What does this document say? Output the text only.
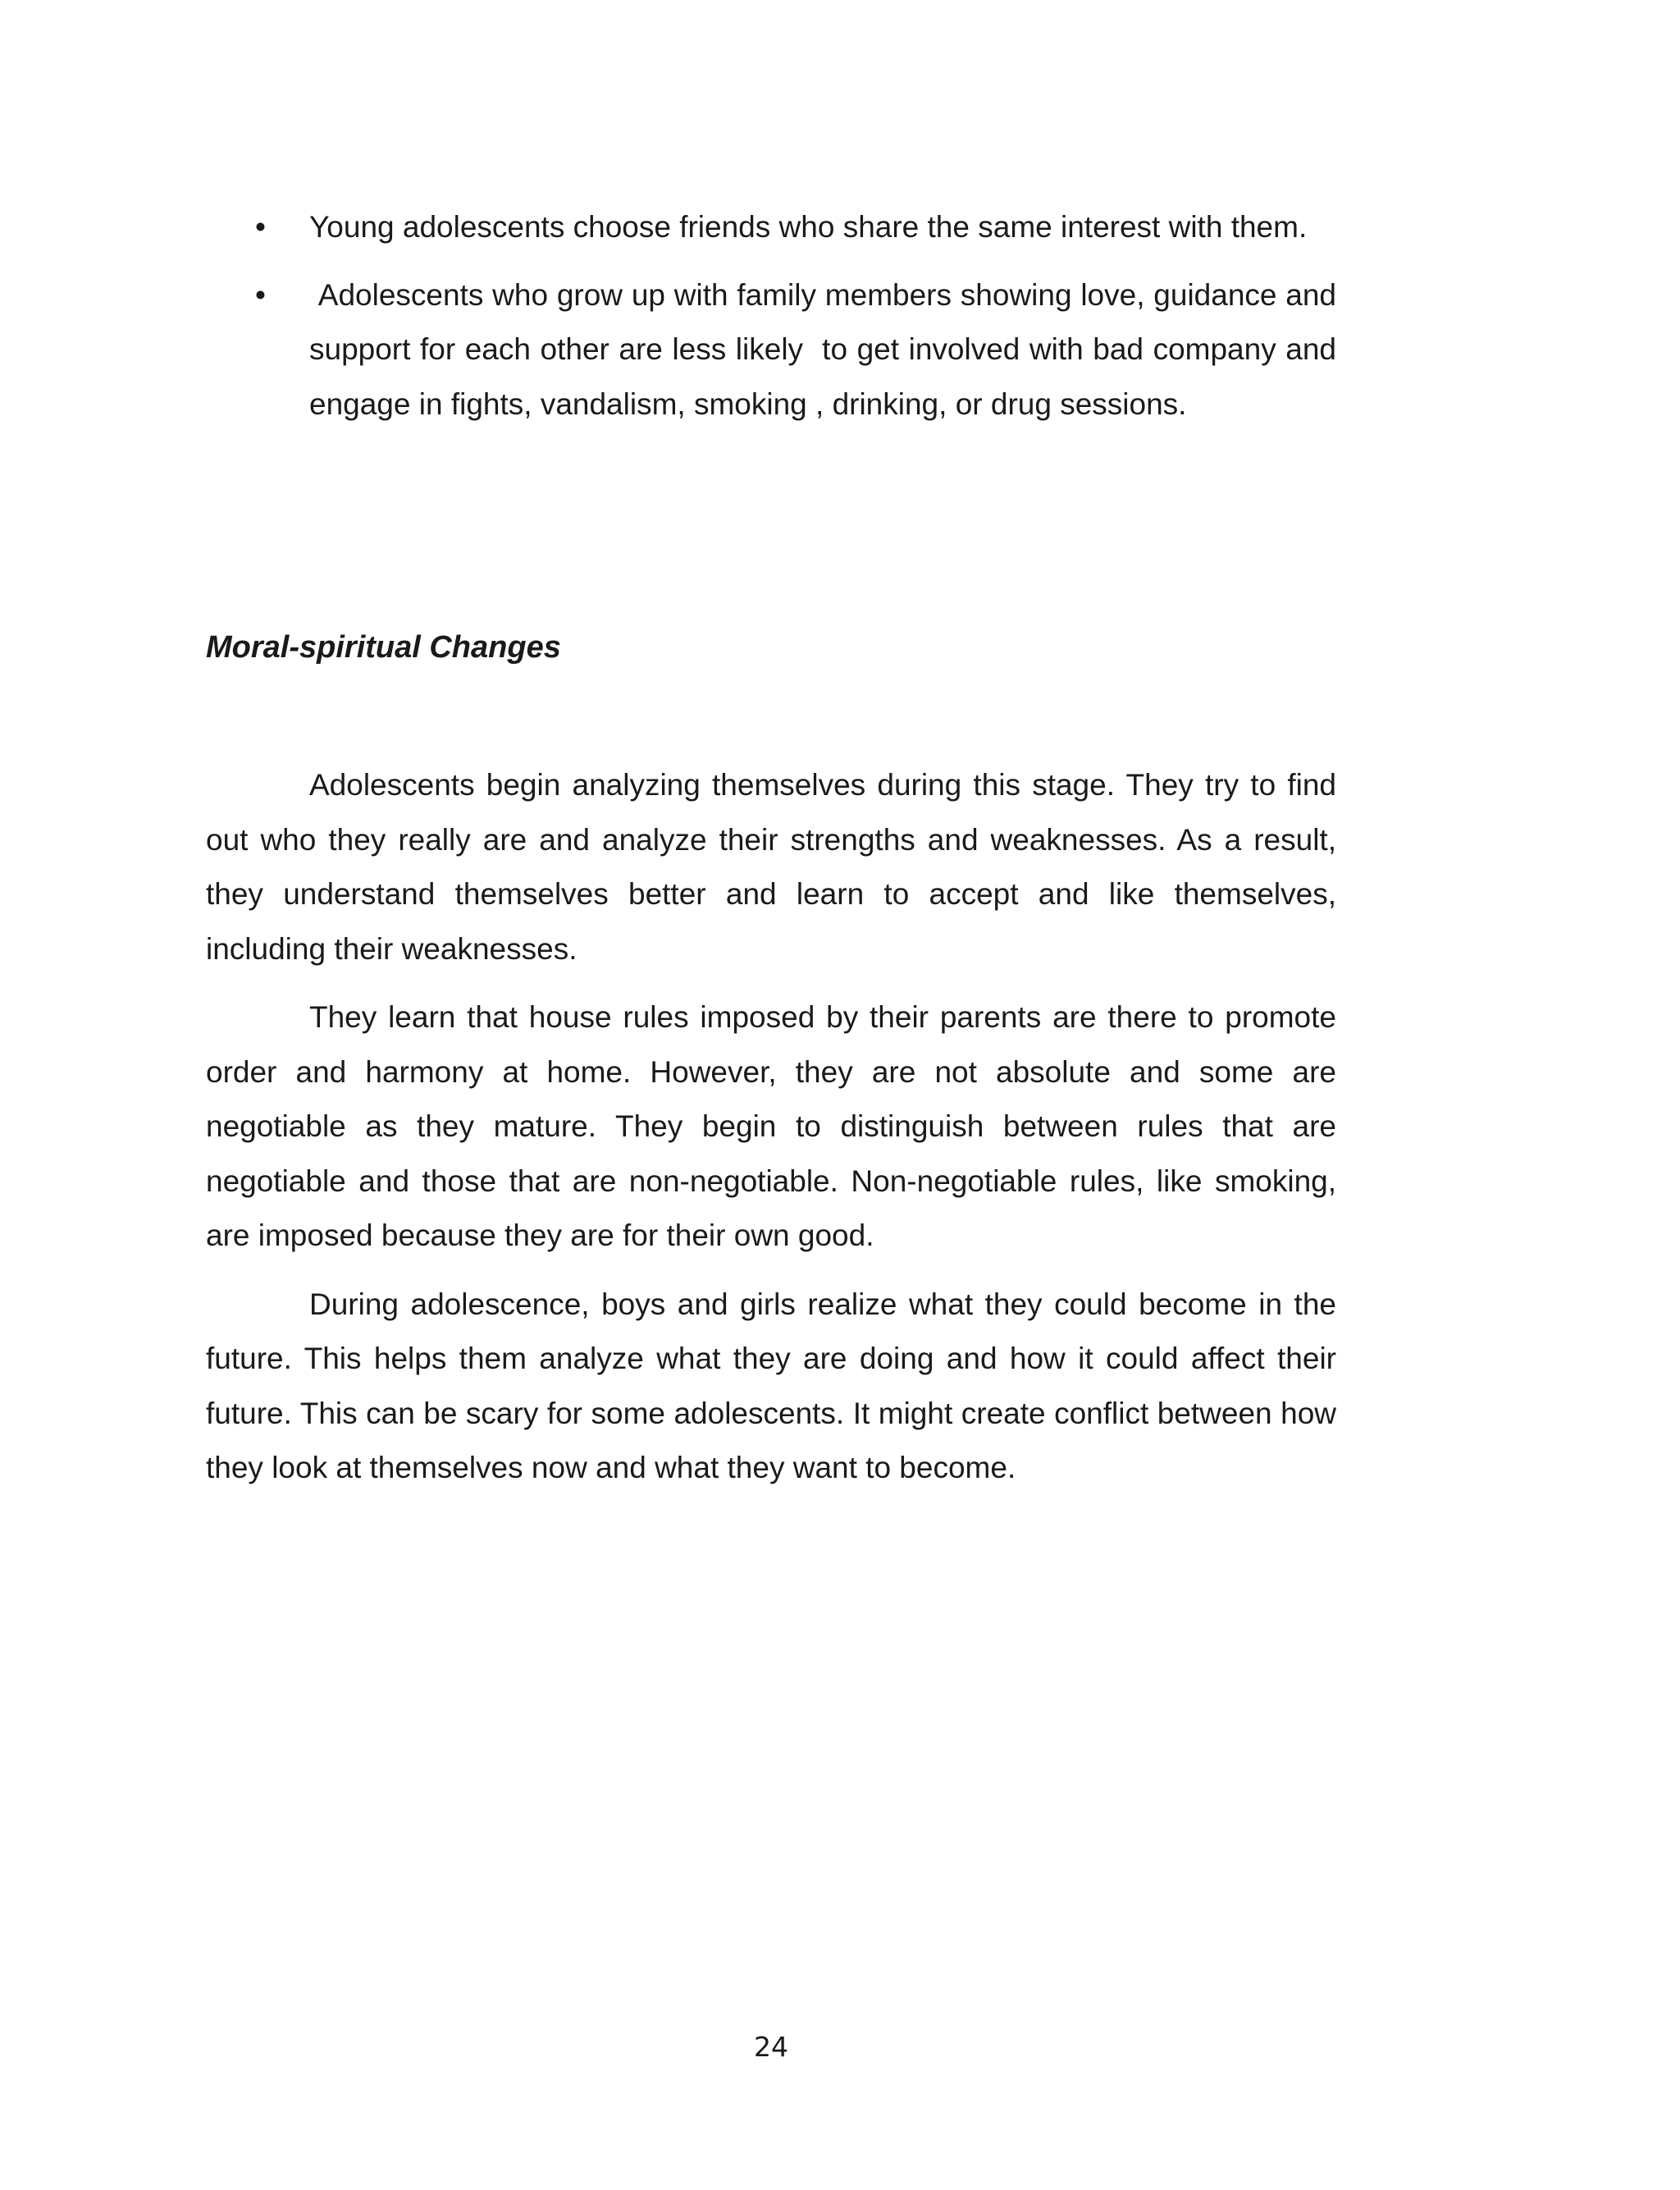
•	Young adolescents choose friends who share the same interest with them.
•	Adolescents who grow up with family members showing love, guidance and support for each other are less likely  to get involved with bad company and engage in fights, vandalism, smoking , drinking, or drug sessions.
Moral-spiritual Changes

Adolescents begin analyzing themselves during this stage. They try to find out who they really are and analyze their strengths and weaknesses. As a result, they understand themselves better and learn to accept and like themselves, including their weaknesses.

They learn that house rules imposed by their parents are there to promote order and harmony at home. However, they are not absolute and some are negotiable as they mature. They begin to distinguish between rules that are negotiable and those that are non-negotiable. Non-negotiable rules, like smoking, are imposed because they are for their own good.

During adolescence, boys and girls realize what they could become in the future. This helps them analyze what they are doing and how it could affect their future. This can be scary for some adolescents. It might create conflict between how they look at themselves now and what they want to become.

24
